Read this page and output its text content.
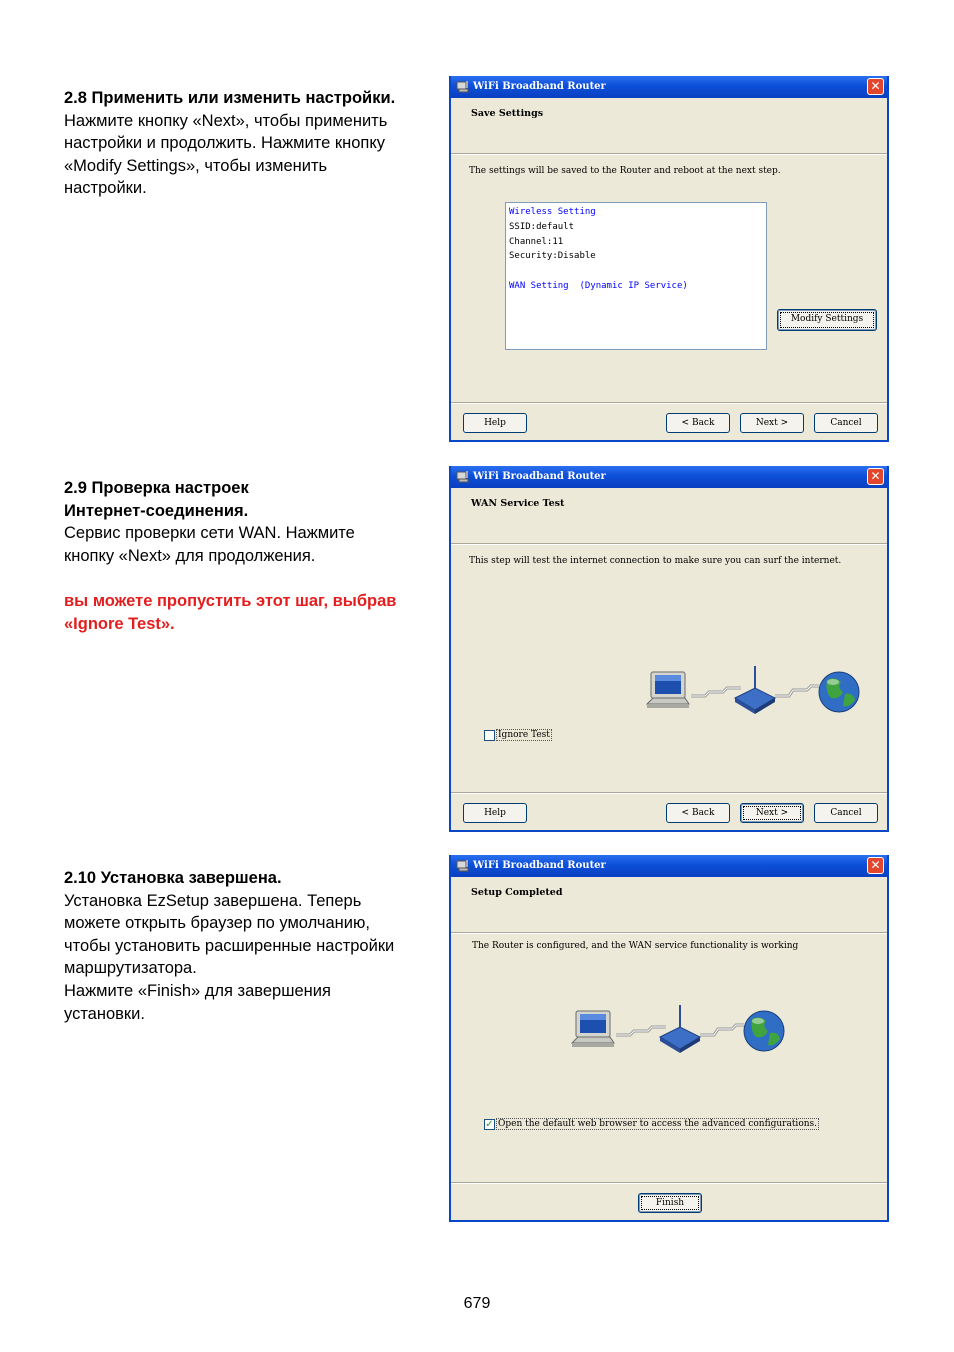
2.8 Применить или изменить настройки.

Нажмите кнопку «Next», чтобы применить

настройки и продолжить. Нажмите кнопку

«Modify Settings», чтобы изменить

настройки.

WiFi Broadband Router	✕
Save Settings
The settings will be saved to the Router and reboot at the next step.
Wireless Setting
SSID:default
Channel:11
Security:Disable
WAN Setting  (Dynamic IP Service)
Modify Settings
Help	< Back	Next >	Cancel

2.9 Проверка настроек

Интернет-соединения.

Сервис проверки сети WAN. Нажмите

кнопку «Next» для продолжения.

вы можете пропустить этот шаг, выбрав

«Ignore Test».

WiFi Broadband Router	✕
WAN Service Test
This step will test the internet connection to make sure you can surf the internet.
Ignore Test
Help	< Back	Next >	Cancel

2.10 Установка завершена.

Установка EzSetup завершена. Теперь

можете открыть браузер по умолчанию,

чтобы установить расширенные настройки

маршрутизатора.

Нажмите «Finish» для завершения

установки.

WiFi Broadband Router	✕
Setup Completed
The Router is configured, and the WAN service functionality is working
✓ Open the default web browser to access the advanced configurations.
Finish
679
